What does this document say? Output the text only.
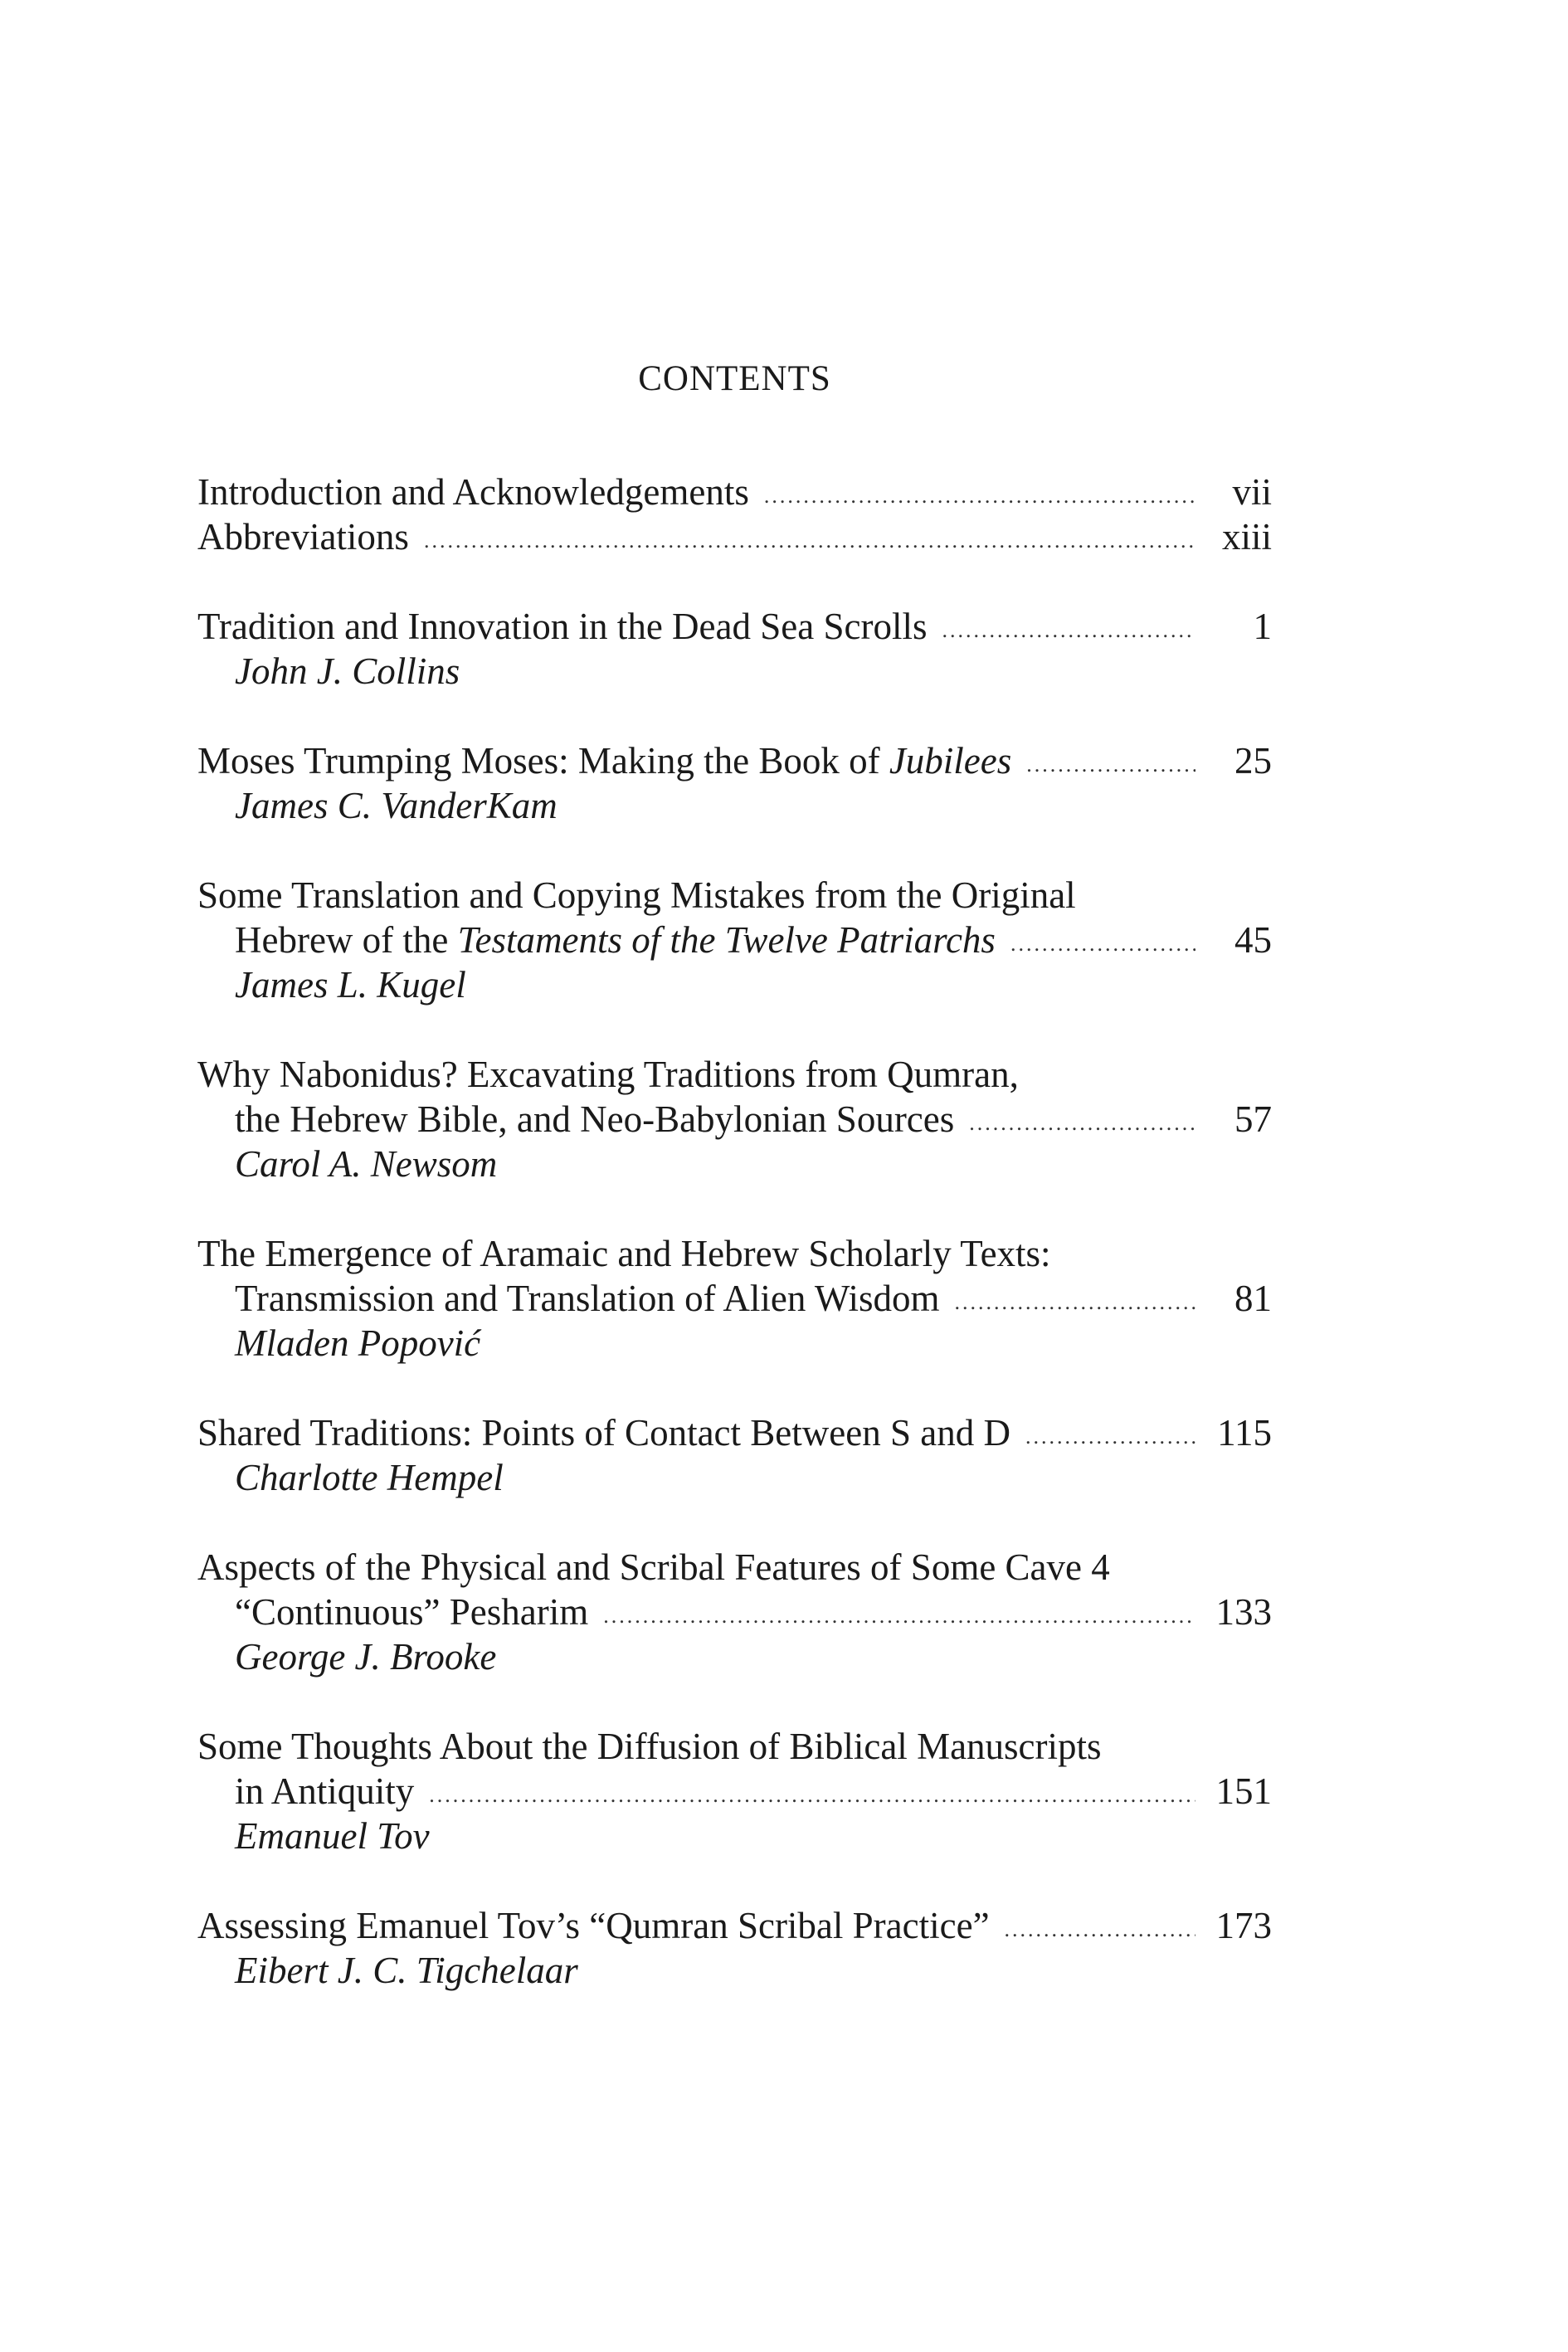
CONTENTS
Introduction and Acknowledgements .....	vii
Abbreviations .....	xiii
Tradition and Innovation in the Dead Sea Scrolls .....	1
John J. Collins
Moses Trumping Moses: Making the Book of Jubilees .....	25
James C. VanderKam
Some Translation and Copying Mistakes from the Original
Hebrew of the Testaments of the Twelve Patriarchs .....	45
James L. Kugel
Why Nabonidus? Excavating Traditions from Qumran,
the Hebrew Bible, and Neo-Babylonian Sources .....	57
Carol A. Newsom
The Emergence of Aramaic and Hebrew Scholarly Texts:
Transmission and Translation of Alien Wisdom .....	81
Mladen Popović
Shared Traditions: Points of Contact Between S and D .....	115
Charlotte Hempel
Aspects of the Physical and Scribal Features of Some Cave 4
“Continuous” Pesharim .....	133
George J. Brooke
Some Thoughts About the Diffusion of Biblical Manuscripts
in Antiquity .....	151
Emanuel Tov
Assessing Emanuel Tov’s “Qumran Scribal Practice” .....	173
Eibert J. C. Tigchelaar
